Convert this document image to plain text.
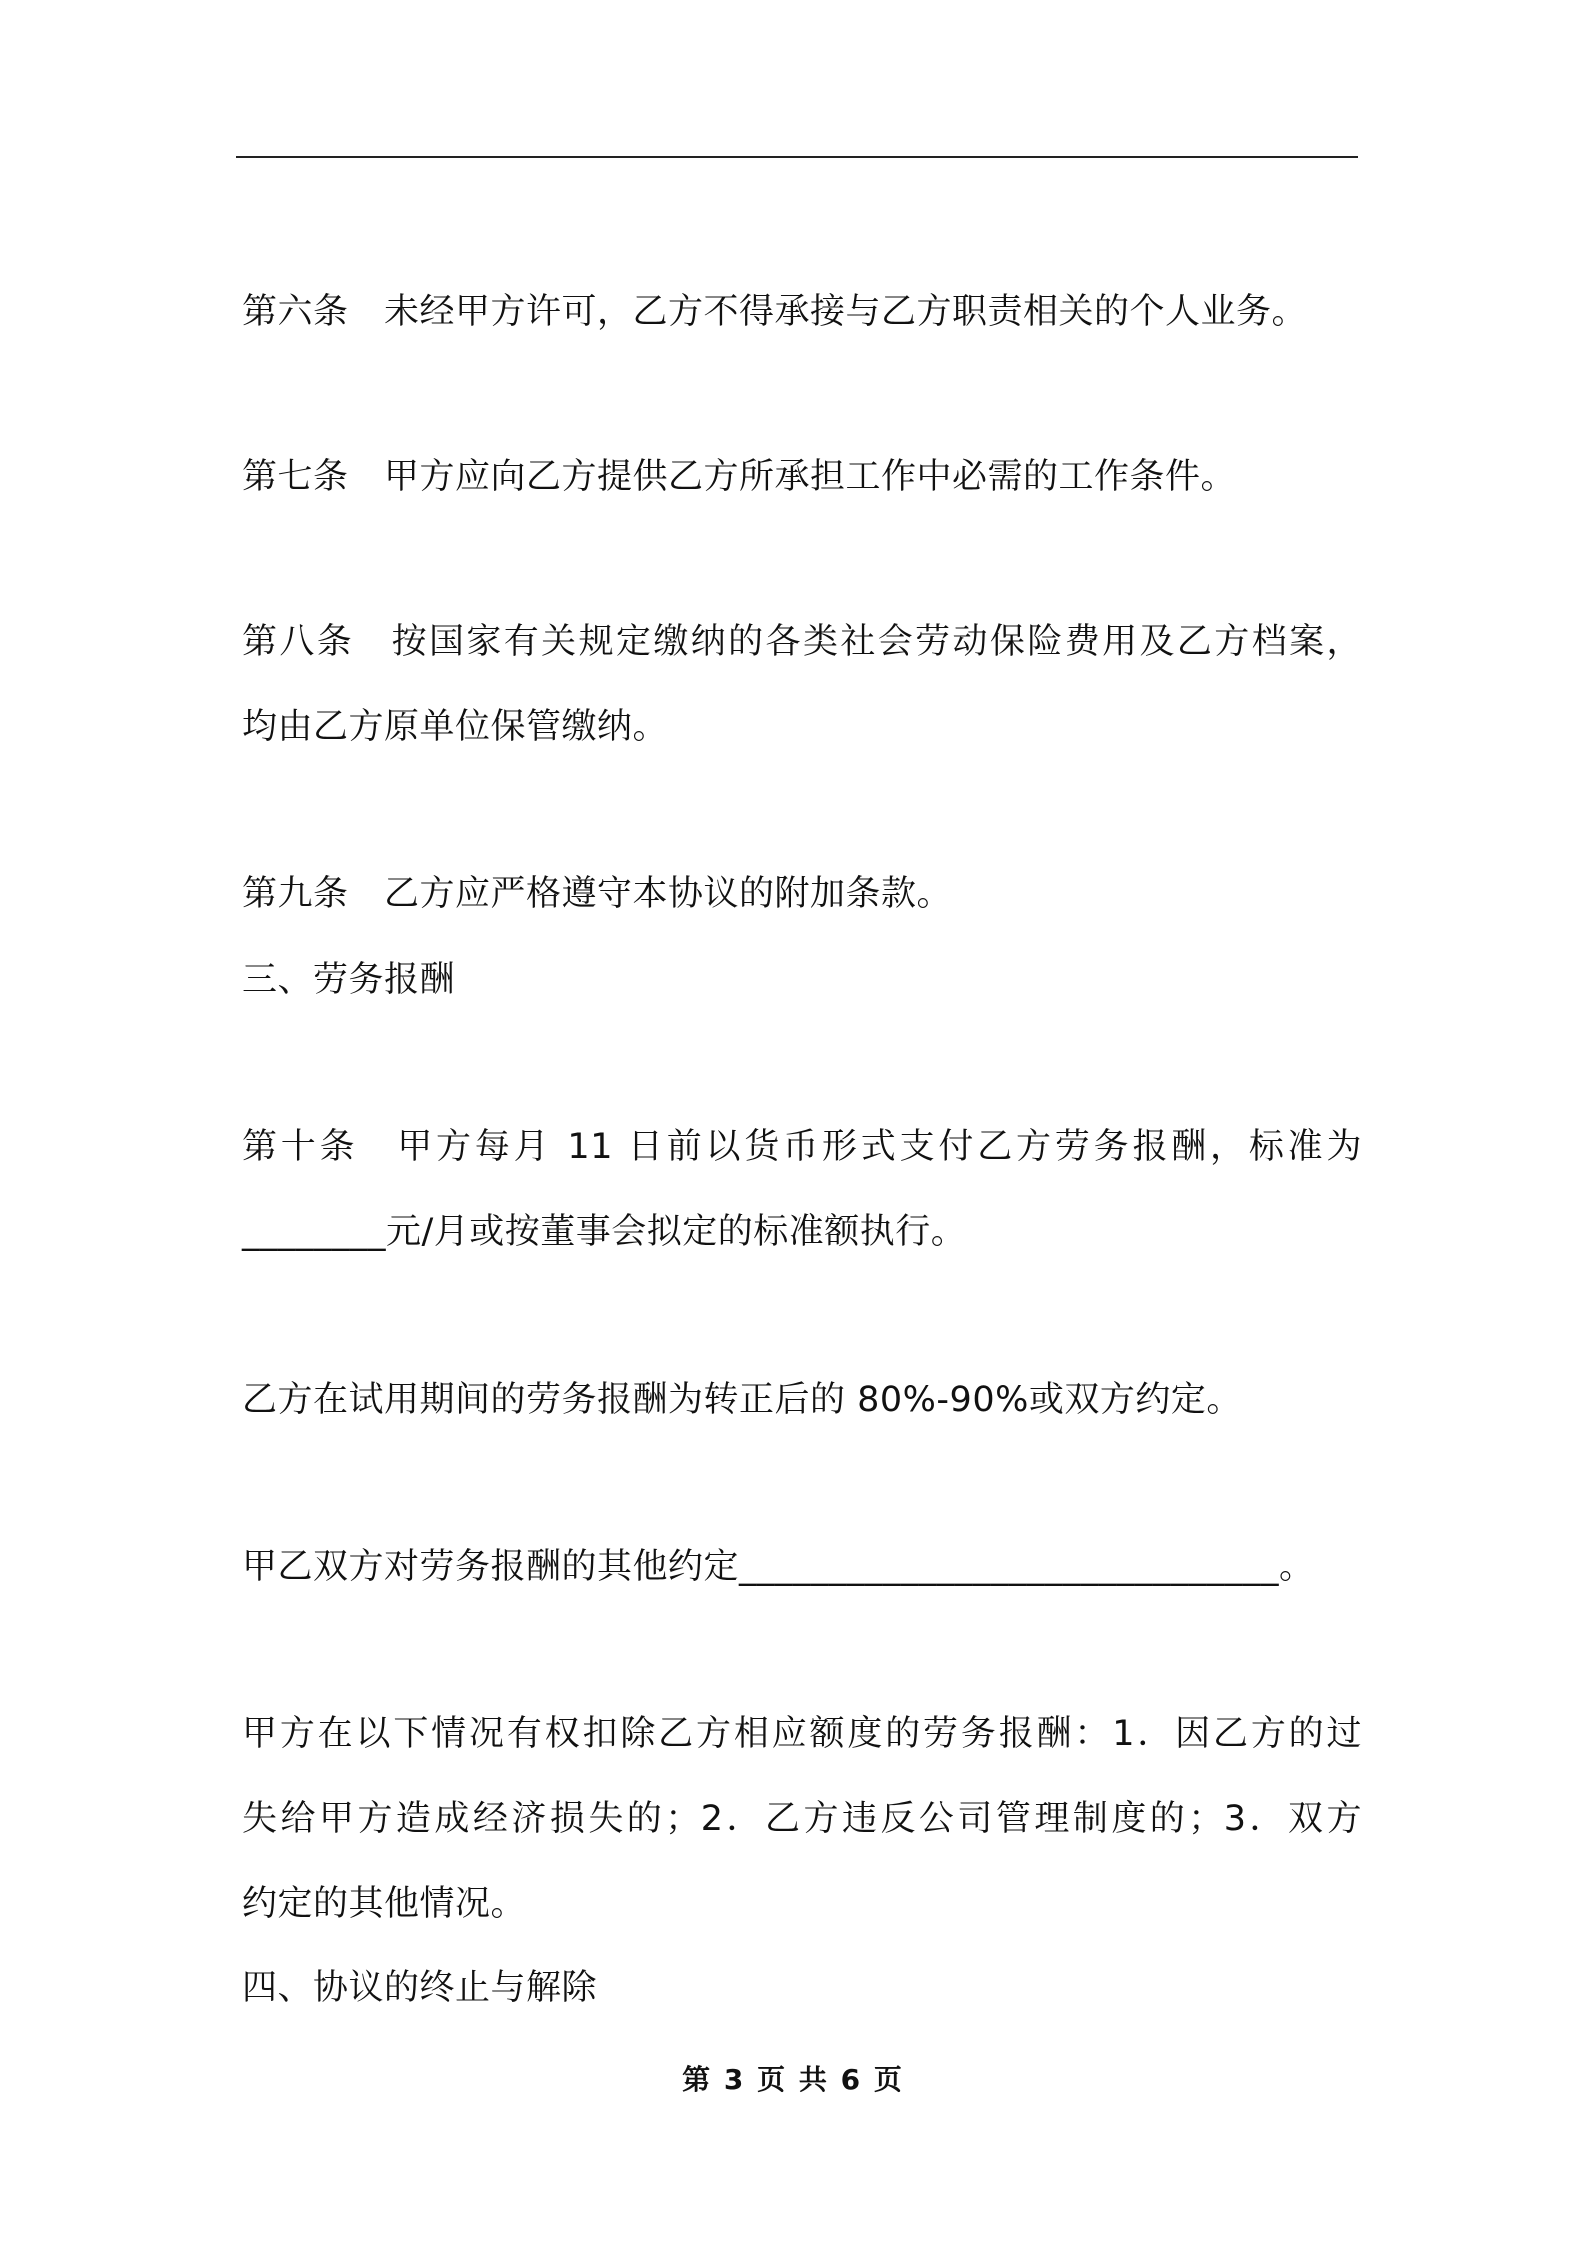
第六条　未经甲方许可，乙方不得承接与乙方职责相关的个人业务。
第七条　甲方应向乙方提供乙方所承担工作中必需的工作条件。
第八条　按国家有关规定缴纳的各类社会劳动保险费用及乙方档案，
均由乙方原单位保管缴纳。
第九条　乙方应严格遵守本协议的附加条款。
三、劳务报酬
第十条　甲方每月 11 日前以货币形式支付乙方劳务报酬，标准为
________元/月或按董事会拟定的标准额执行。
乙方在试用期间的劳务报酬为转正后的 80%-90%或双方约定。
甲乙双方对劳务报酬的其他约定______________________________。
甲方在以下情况有权扣除乙方相应额度的劳务报酬：1．因乙方的过
失给甲方造成经济损失的；2．乙方违反公司管理制度的；3．双方
约定的其他情况。
四、协议的终止与解除
第 3 页 共 6 页
